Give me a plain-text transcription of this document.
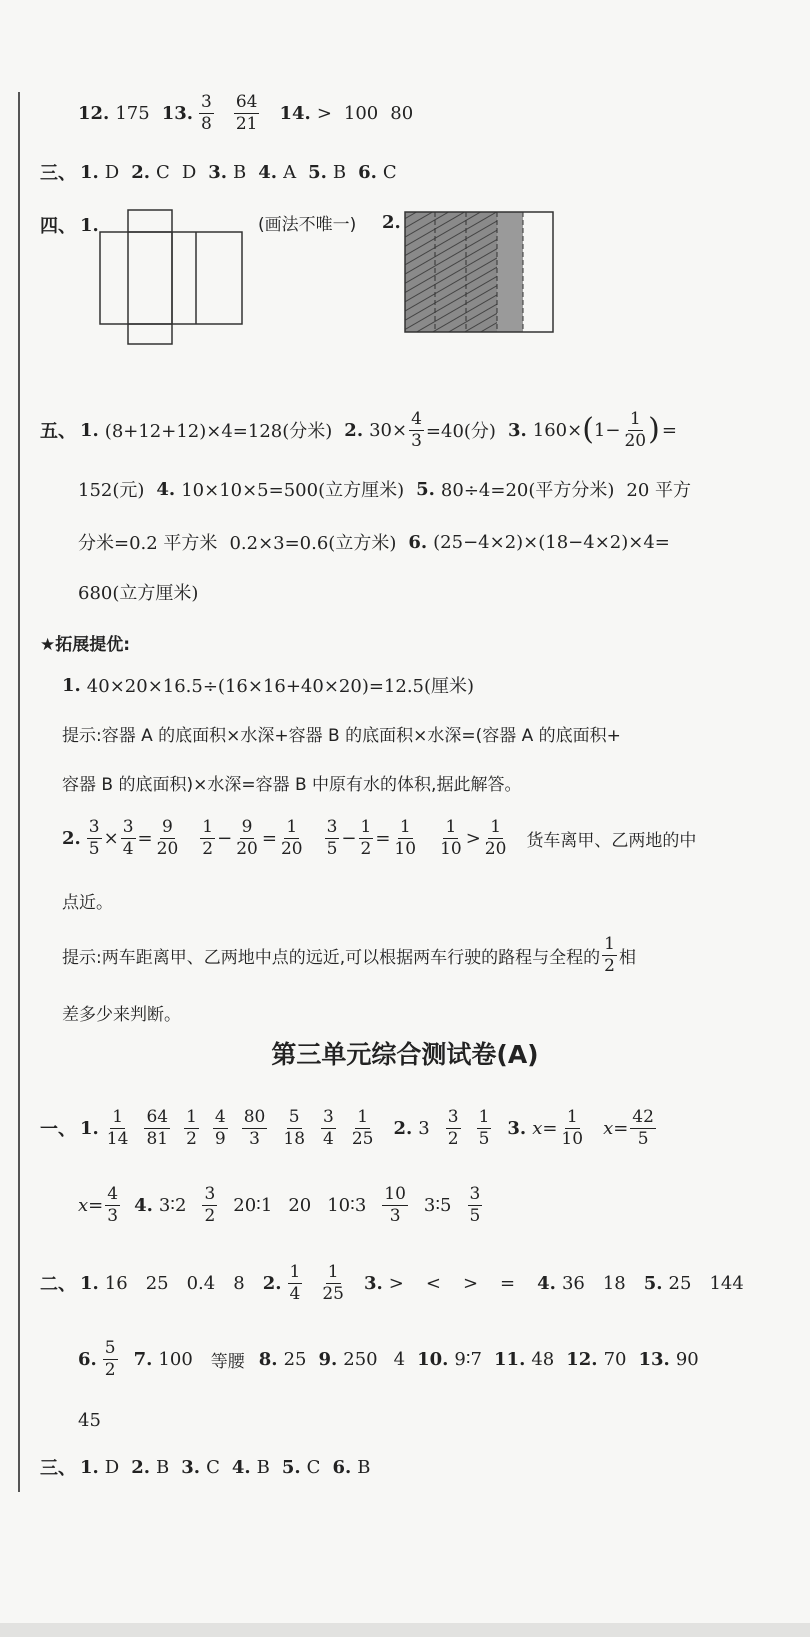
12. 175 13. $\frac{3}{8} \frac{64}{21} 14$. > 100 80
三、 1. D 2. C D 3. B 4. A 5. B 6. C
四、 1.	(画法不唯一) 2.
五、 1. (8+12+12)×4=128(分米) 2. $30\times \frac{4}{3} =40$(分) 3. 160× ( $1- \frac{1}{20}$ ) =
152(元) 4. 10×10×5=500(立方厘米) 5. 80÷4=20(平方分米) 20 平方
分米=0.2 平方米 0.2×3=0.6(立方米) 6. (25−4×2)×(18−4×2)×4=
680(立方厘米)
★拓展提优:
1. 40×20×16.5÷(16×16+40×20)=12.5(厘米)
提示:容器 A 的底面积×水深+容器 B 的底面积×水深=(容器 A 的底面积+
容器 B 的底面积)×水深=容器 B 中原有水的体积,据此解答。
2. $\frac{3}{5} \times \frac{3}{4} = \frac{9}{20} \frac{1}{2} - \frac{9}{20} = \frac{1}{20} \frac{3}{5} - \frac{1}{2} = \frac{1}{10} \frac{1}{10} > \frac{1}{20}$ 货车离甲、乙两地的中
点近。
提示:两车距离甲、乙两地中点的远近,可以根据两车行驶的路程与全程的 $\frac{1}{2}$ 相
差多少来判断。
第三单元综合测试卷(A)
一、 1. $\frac{1}{14} \frac{64}{81} \frac{1}{2} \frac{4}{9} \frac{80}{3} \frac{5}{18} \frac{3}{4} \frac{1}{25} 2$. $3 \frac{3}{2} \frac{1}{5} 3$. $x= \frac{1}{10} x= \frac{42}{5}$
$x= \frac{4}{3} 4$. 3∶2 $\frac{3}{2}$ 20∶1 20 10∶3 $\frac{10}{3}$ 3∶5 $\frac{3}{5}$
二、 1. 16 25 0.4 8 2. $\frac{1}{4} \frac{1}{25} 3$. > < > = 4. 36 18 5. 25 144
6. $\frac{5}{2} 7$. 100 等腰 8. 25 9. 250 4 10. 9∶7 11. 48 12. 70 13. 90
45
三、 1. D 2. B 3. C 4. B 5. C 6. B
